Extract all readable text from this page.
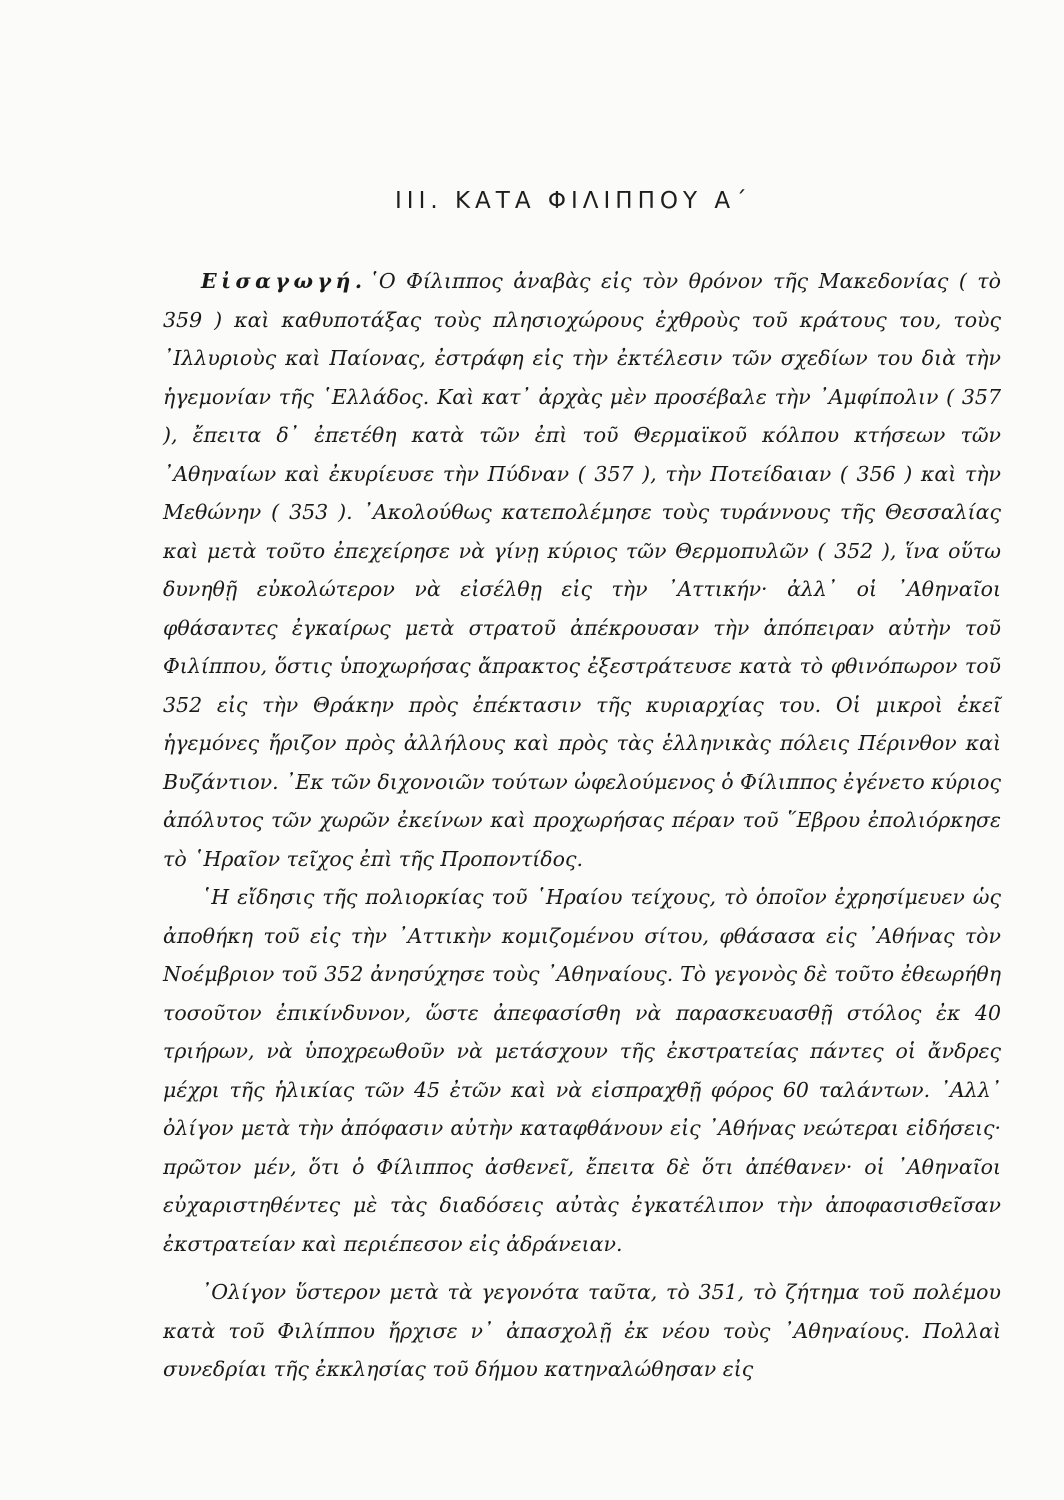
III. ΚΑΤΑ ΦΙΛΙΠΠΟΥ Α΄

Εἰσαγωγή.῾Ο Φίλιππος ἀναβὰς εἰς τὸν θρόνον τῆς Μακεδονίας ( τὸ 359 ) καὶ καθυποτάξας τοὺς πλησιοχώρους ἐχθροὺς τοῦ κράτους του, τοὺς ᾿Ιλλυριοὺς καὶ Παίονας, ἐστράφη εἰς τὴν ἐκτέλεσιν τῶν σχεδίων του διὰ τὴν ἡγεμονίαν τῆς ῾Ελλάδος. Καὶ κατ᾽ ἀρχὰς μὲν προσέβαλε τὴν ᾿Αμφίπολιν ( 357 ), ἔπειτα δ᾽ ἐπετέθη κατὰ τῶν ἐπὶ τοῦ Θερμαϊκοῦ κόλπου κτήσεων τῶν ᾿Αθηναίων καὶ ἐκυρίευσε τὴν Πύδναν ( 357 ), τὴν Ποτείδαιαν ( 356 ) καὶ τὴν Μεθώνην ( 353 ). ᾿Ακολούθως κατεπολέμησε τοὺς τυράννους τῆς Θεσσαλίας καὶ μετὰ τοῦτο ἐπεχείρησε νὰ γίνῃ κύριος τῶν Θερμοπυλῶν ( 352 ), ἵνα οὕτω δυνηθῇ εὐκολώτερον νὰ εἰσέλθῃ εἰς τὴν ᾿Αττικήν· ἀλλ᾽ οἱ ᾿Αθηναῖοι φθάσαντες ἐγκαίρως μετὰ στρατοῦ ἀπέκρουσαν τὴν ἀπόπειραν αὐτὴν τοῦ Φιλίππου, ὅστις ὑποχωρήσας ἄπρακτος ἐξεστράτευσε κατὰ τὸ φθινόπωρον τοῦ 352 εἰς τὴν Θράκην πρὸς ἐπέκτασιν τῆς κυριαρχίας του. Οἱ μικροὶ ἐκεῖ ἡγεμόνες ἤριζον πρὸς ἀλλήλους καὶ πρὸς τὰς ἑλληνικὰς πόλεις Πέρινθον καὶ Βυζάντιον. ᾿Εκ τῶν διχονοιῶν τούτων ὠφελούμενος ὁ Φίλιππος ἐγένετο κύριος ἀπόλυτος τῶν χωρῶν ἐκείνων καὶ προχωρήσας πέραν τοῦ ῞Εβρου ἐπολιόρκησε τὸ ῾Ηραῖον τεῖχος ἐπὶ τῆς Προποντίδος.

῾Η εἴδησις τῆς πολιορκίας τοῦ ῾Ηραίου τείχους, τὸ ὁποῖον ἐχρησίμευεν ὡς ἀποθήκη τοῦ εἰς τὴν ᾿Αττικὴν κομιζομένου σίτου, φθάσασα εἰς ᾿Αθήνας τὸν Νοέμβριον τοῦ 352 ἀνησύχησε τοὺς ᾿Αθηναίους. Τὸ γεγονὸς δὲ τοῦτο ἐθεωρήθη τοσοῦτον ἐπικίνδυνον, ὥστε ἀπεφασίσθη νὰ παρασκευασθῇ στόλος ἐκ 40 τριήρων, νὰ ὑποχρεωθοῦν νὰ μετάσχουν τῆς ἐκστρατείας πάντες οἱ ἄνδρες μέχρι τῆς ἡλικίας τῶν 45 ἐτῶν καὶ νὰ εἰσπραχθῇ φόρος 60 ταλάντων. ᾿Αλλ᾽ ὀλίγον μετὰ τὴν ἀπόφασιν αὐτὴν καταφθάνουν εἰς ᾿Αθήνας νεώτεραι εἰδήσεις· πρῶτον μέν, ὅτι ὁ Φίλιππος ἀσθενεῖ, ἔπειτα δὲ ὅτι ἀπέθανεν· οἱ ᾿Αθηναῖοι εὐχαριστηθέντες μὲ τὰς διαδόσεις αὐτὰς ἐγκατέλιπον τὴν ἀποφασισθεῖσαν ἐκστρατείαν καὶ περιέπεσον εἰς ἀδράνειαν.

᾿Ολίγον ὕστερον μετὰ τὰ γεγονότα ταῦτα, τὸ 351, τὸ ζήτημα τοῦ πολέμου κατὰ τοῦ Φιλίππου ἤρχισε ν᾽ ἀπασχολῇ ἐκ νέου τοὺς ᾿Αθηναίους. Πολλαὶ συνεδρίαι τῆς ἐκκλησίας τοῦ δήμου κατηναλώθησαν εἰς
